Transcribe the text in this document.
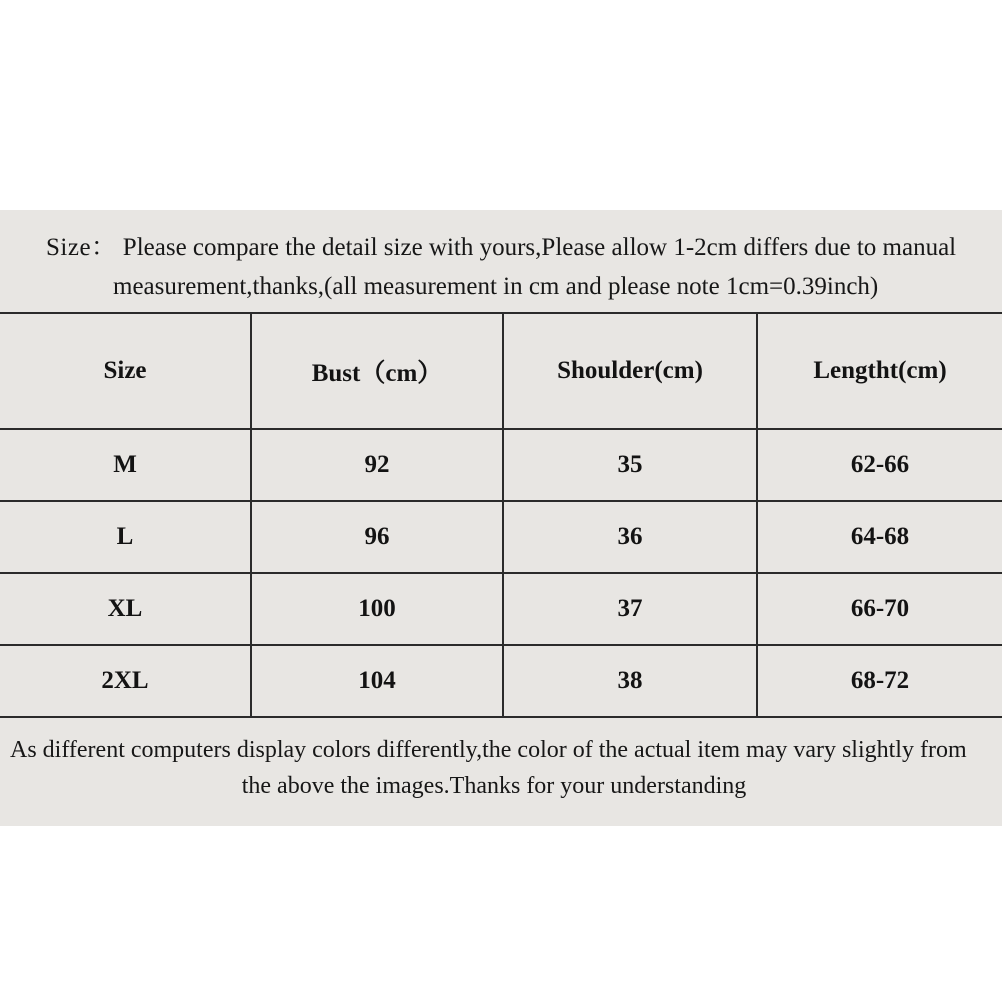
Size： Please compare the detail size with yours,Please allow 1-2cm differs due to manual
measurement,thanks,(all measurement in cm and please note 1cm=0.39inch)
Size	Bust（cm）	Shoulder(cm)	Lengtht(cm)
M	92	35	62-66
L	96	36	64-68
XL	100	37	66-70
2XL	104	38	68-72
As different computers display colors differently,the color of the actual item may vary slightly from
the above the images.Thanks for your understanding
